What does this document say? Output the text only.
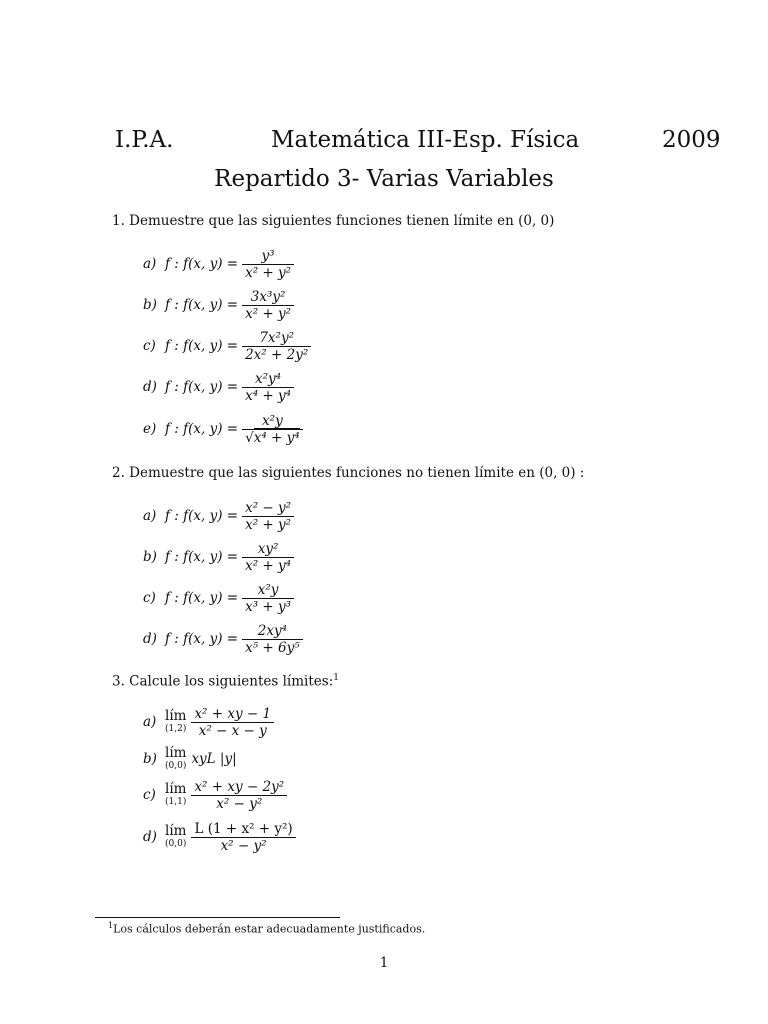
I.P.A.	Matemática III-Esp. Física	2009
Repartido 3- Varias Variables
1. Demuestre que las siguientes funciones tienen límite en (0, 0)
a) f : f(x, $y) = \frac{\text{y³}}{\text{x² + y²}}$
b) f : f(x, $y) = \frac{\text{3x³y²}}{\text{x² + y²}}$
c) f : f(x, $y) = \frac{\text{7x²y²}}{\text{2x² + 2y²}}$
d) f : f(x, $y) = \frac{\text{x²y⁴}}{\text{x⁴ + y⁴}}$
e) f : f(x, $y) = \frac{\text{x²y}}{\text{√x⁴ + y⁴}}$
2. Demuestre que las siguientes funciones no tienen límite en (0, 0) :
a) f : f(x, $y) = \frac{\text{x² − y²}}{\text{x² + y²}}$
b) f : f(x, $y) = \frac{\text{xy²}}{\text{x² + y⁴}}$
c) f : f(x, $y) = \frac{\text{x²y}}{\text{x³ + y³}}$
d) f : f(x, $y) = \frac{\text{2xy⁴}}{\text{x⁵ + 6y⁵}}$
3. Calcule los siguientes límites:$^1$
a) lím
$(1,2) \frac{\text{x² + xy − 1}}{\text{x² − x − y}}$
b) lím
(0,0) xyL |y|
c) lím
$(1,1) \frac{\text{x² + xy − 2y²}}{\text{x² − y²}}$
d) lím
$(0,0) \frac{\text{L (1 + x² + y²)}}{\text{x² − y²}}$
$^1$Los cálculos deberán estar adecuadamente justificados.
1
